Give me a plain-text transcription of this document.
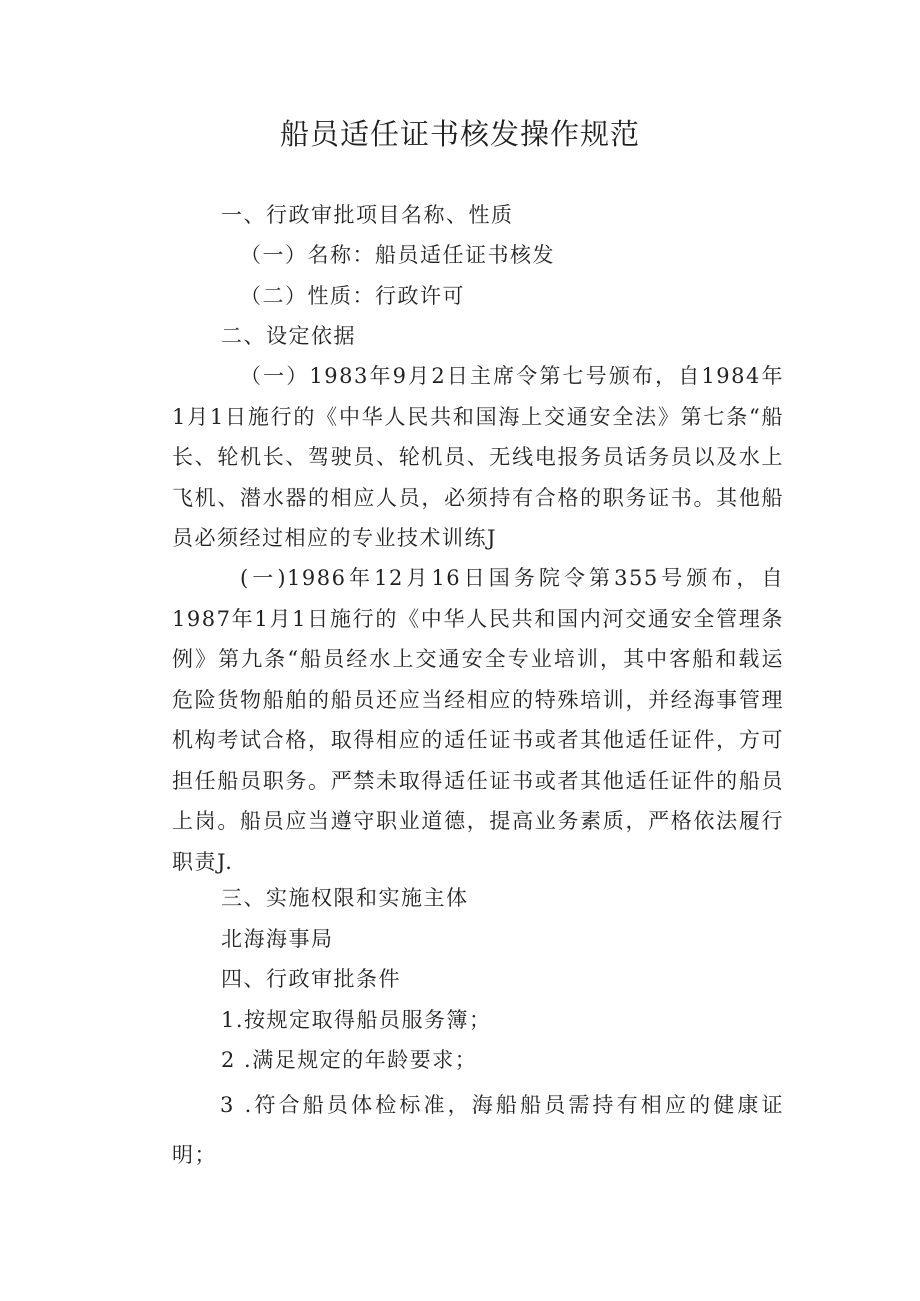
船员适任证书核发操作规范

一、行政审批项目名称、性质

（一）名称：船员适任证书核发

（二）性质：行政许可

二、设定依据

（一）1983年9月2日主席令第七号颁布，自1984年1月1日施行的《中华人民共和国海上交通安全法》第七条“船长、轮机长、驾驶员、轮机员、无线电报务员话务员以及水上飞机、潜水器的相应人员，必须持有合格的职务证书。其他船员必须经过相应的专业技术训练J

(一)1986年12月16日国务院令第355号颁布，自1987年1月1日施行的《中华人民共和国内河交通安全管理条例》第九条“船员经水上交通安全专业培训，其中客船和载运危险货物船舶的船员还应当经相应的特殊培训，并经海事管理机构考试合格，取得相应的适任证书或者其他适任证件，方可担任船员职务。严禁未取得适任证书或者其他适任证件的船员上岗。船员应当遵守职业道德，提高业务素质，严格依法履行职责J.

三、实施权限和实施主体

北海海事局

四、行政审批条件

1.按规定取得船员服务簿；

2 .满足规定的年龄要求；

3 .符合船员体检标准，海船船员需持有相应的健康证明；
